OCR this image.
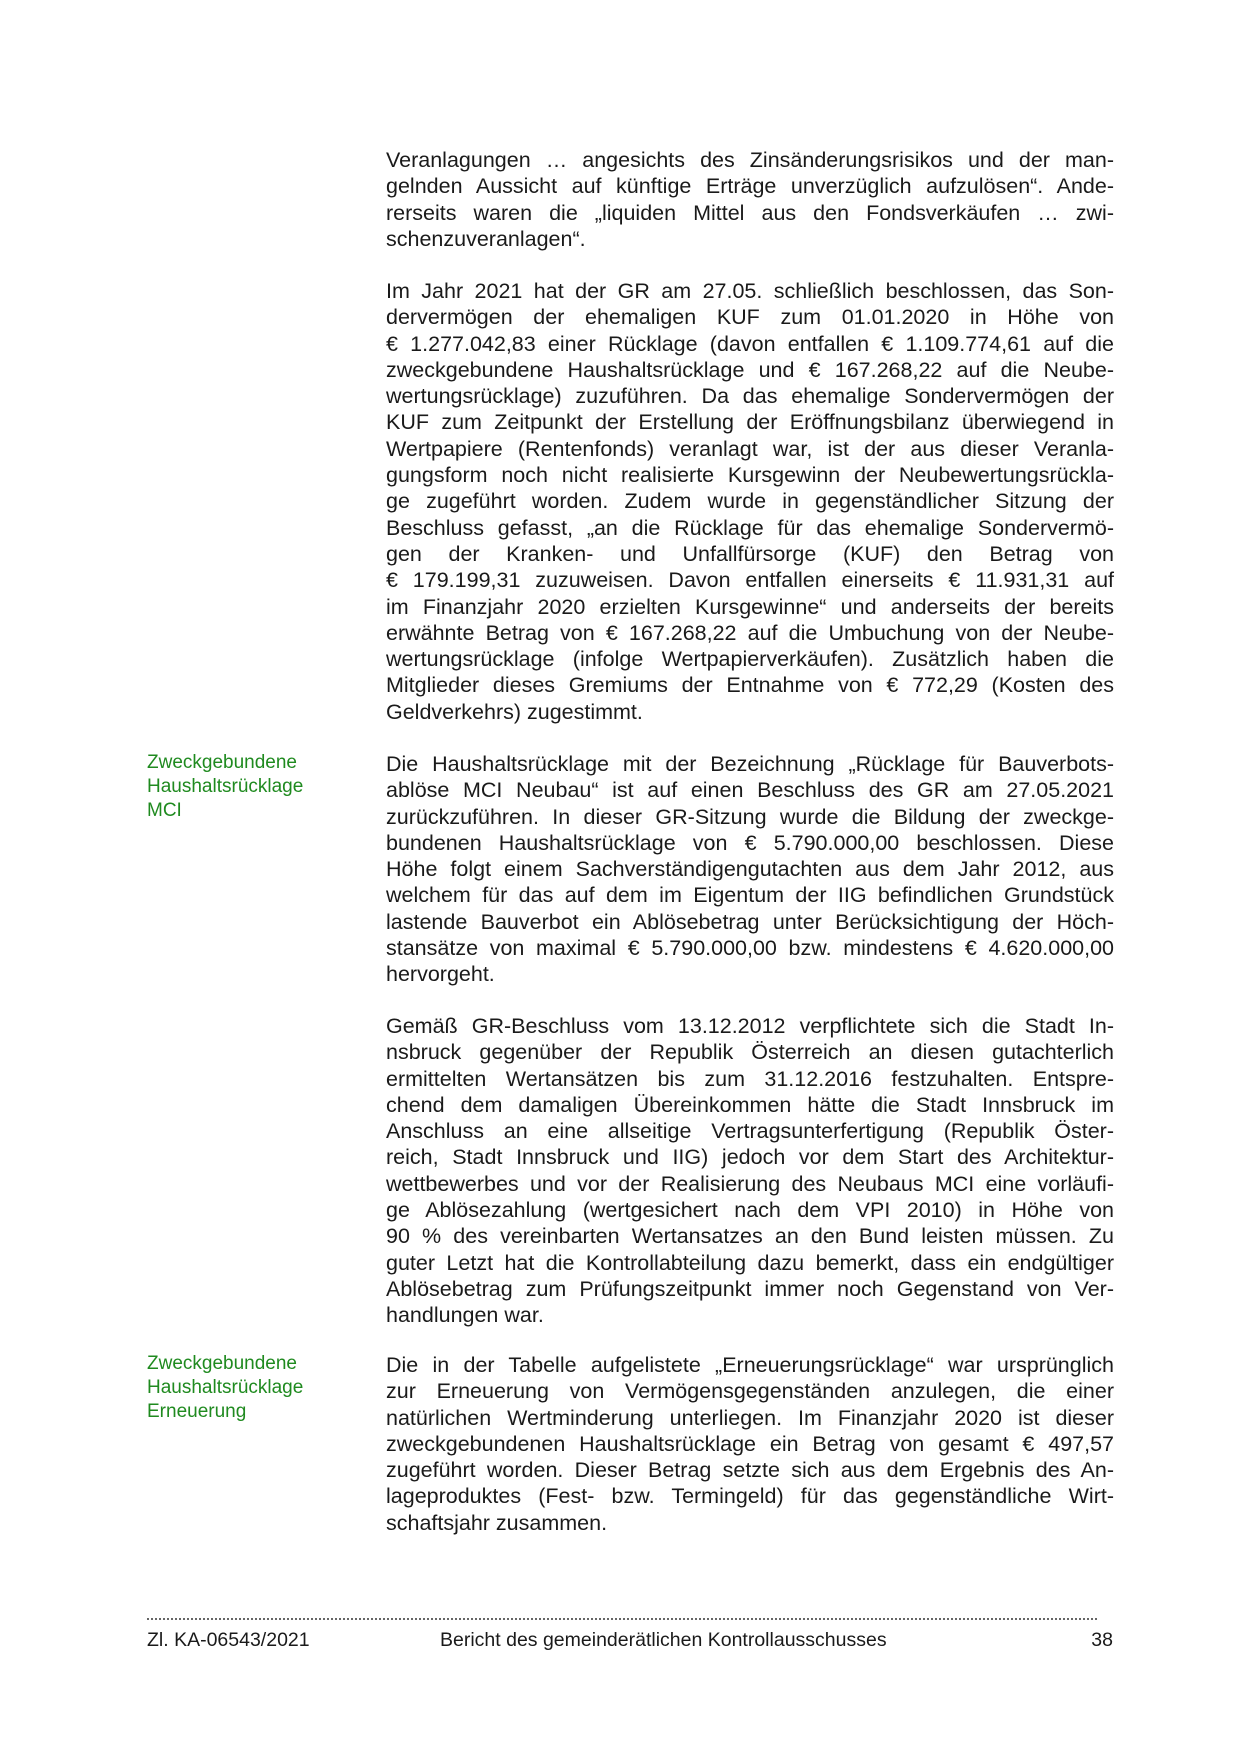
Veranlagungen … angesichts des Zinsänderungsrisikos und der man-
gelnden Aussicht auf künftige Erträge unverzüglich aufzulösen“. Ande-
rerseits waren die „liquiden Mittel aus den Fondsverkäufen … zwi-
schenzuveranlagen“.
Im Jahr 2021 hat der GR am 27.05. schließlich beschlossen, das Son-
dervermögen der ehemaligen KUF zum 01.01.2020 in Höhe von
€ 1.277.042,83 einer Rücklage (davon entfallen € 1.109.774,61 auf die
zweckgebundene Haushaltsrücklage und € 167.268,22 auf die Neube-
wertungsrücklage) zuzuführen. Da das ehemalige Sondervermögen der
KUF zum Zeitpunkt der Erstellung der Eröffnungsbilanz überwiegend in
Wertpapiere (Rentenfonds) veranlagt war, ist der aus dieser Veranla-
gungsform noch nicht realisierte Kursgewinn der Neubewertungsrückla-
ge zugeführt worden. Zudem wurde in gegenständlicher Sitzung der
Beschluss gefasst, „an die Rücklage für das ehemalige Sondervermö-
gen der Kranken- und Unfallfürsorge (KUF) den Betrag von
€ 179.199,31 zuzuweisen. Davon entfallen einerseits € 11.931,31 auf
im Finanzjahr 2020 erzielten Kursgewinne“ und anderseits der bereits
erwähnte Betrag von € 167.268,22 auf die Umbuchung von der Neube-
wertungsrücklage (infolge Wertpapierverkäufen). Zusätzlich haben die
Mitglieder dieses Gremiums der Entnahme von € 772,29 (Kosten des
Geldverkehrs) zugestimmt.
Zweckgebundene
Haushaltsrücklage
MCI
Die Haushaltsrücklage mit der Bezeichnung „Rücklage für Bauverbots-
ablöse MCI Neubau“ ist auf einen Beschluss des GR am 27.05.2021
zurückzuführen. In dieser GR-Sitzung wurde die Bildung der zweckge-
bundenen Haushaltsrücklage von € 5.790.000,00 beschlossen. Diese
Höhe folgt einem Sachverständigengutachten aus dem Jahr 2012, aus
welchem für das auf dem im Eigentum der IIG befindlichen Grundstück
lastende Bauverbot ein Ablösebetrag unter Berücksichtigung der Höch-
stansätze von maximal € 5.790.000,00 bzw. mindestens € 4.620.000,00
hervorgeht.
Gemäß GR-Beschluss vom 13.12.2012 verpflichtete sich die Stadt In-
nsbruck gegenüber der Republik Österreich an diesen gutachterlich
ermittelten Wertansätzen bis zum 31.12.2016 festzuhalten. Entspre-
chend dem damaligen Übereinkommen hätte die Stadt Innsbruck im
Anschluss an eine allseitige Vertragsunterfertigung (Republik Öster-
reich, Stadt Innsbruck und IIG) jedoch vor dem Start des Architektur-
wettbewerbes und vor der Realisierung des Neubaus MCI eine vorläufi-
ge Ablösezahlung (wertgesichert nach dem VPI 2010) in Höhe von
90 % des vereinbarten Wertansatzes an den Bund leisten müssen. Zu
guter Letzt hat die Kontrollabteilung dazu bemerkt, dass ein endgültiger
Ablösebetrag zum Prüfungszeitpunkt immer noch Gegenstand von Ver-
handlungen war.
Zweckgebundene
Haushaltsrücklage
Erneuerung
Die in der Tabelle aufgelistete „Erneuerungsrücklage“ war ursprünglich
zur Erneuerung von Vermögensgegenständen anzulegen, die einer
natürlichen Wertminderung unterliegen. Im Finanzjahr 2020 ist dieser
zweckgebundenen Haushaltsrücklage ein Betrag von gesamt € 497,57
zugeführt worden. Dieser Betrag setzte sich aus dem Ergebnis des An-
lageproduktes (Fest- bzw. Termingeld) für das gegenständliche Wirt-
schaftsjahr zusammen.
Zl. KA-06543/2021	Bericht des gemeinderätlichen Kontrollausschusses	38
